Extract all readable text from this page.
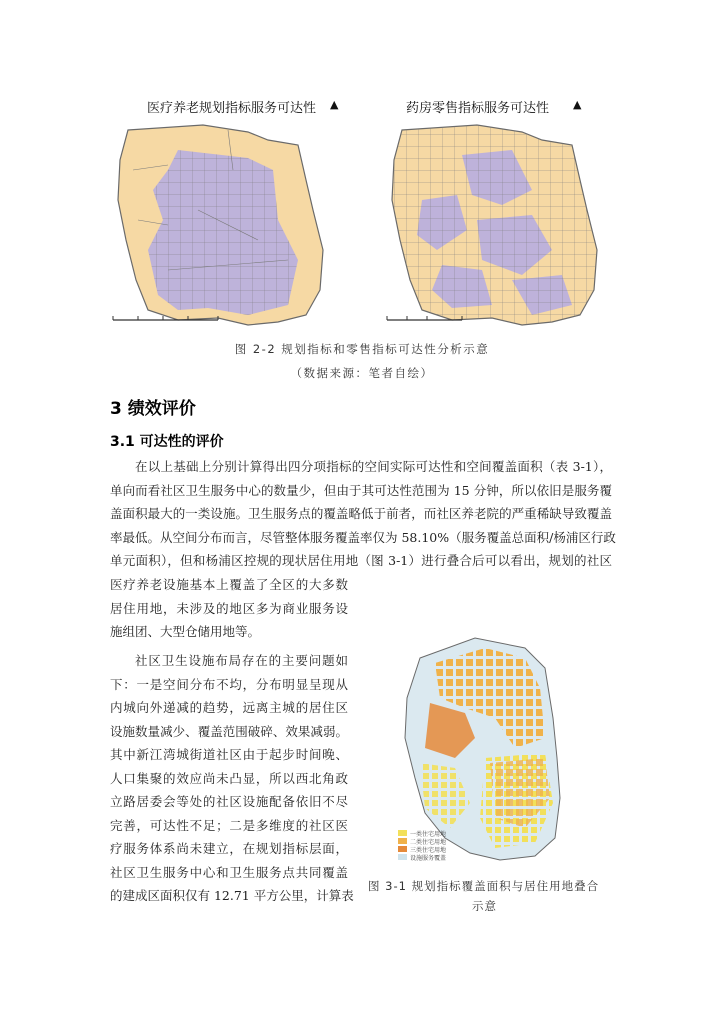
医疗养老规划指标服务可达性 ▲	药房零售指标服务可达性 ▲
图 2-2 规划指标和零售指标可达性分析示意
（数据来源：笔者自绘）
3 绩效评价
3.1 可达性的评价
在以上基础上分别计算得出四分项指标的空间实际可达性和空间覆盖面积（表 3-1），
单向而看社区卫生服务中心的数量少，但由于其可达性范围为 15 分钟，所以依旧是服务覆
盖面积最大的一类设施。卫生服务点的覆盖略低于前者，而社区养老院的严重稀缺导致覆盖
率最低。从空间分布而言，尽管整体服务覆盖率仅为 58.10%（服务覆盖总面积/杨浦区行政
单元面积），但和杨浦区控规的现状居住用地（图 3-1）进行叠合后可以看出，规划的社区
医疗养老设施基本上覆盖了全区的大多数
居住用地，未涉及的地区多为商业服务设
施组团、大型仓储用地等。
社区卫生设施布局存在的主要问题如
下：一是空间分布不均，分布明显呈现从
内城向外递减的趋势，远离主城的居住区
设施数量减少、覆盖范围破碎、效果减弱。
其中新江湾城街道社区由于起步时间晚、
人口集聚的效应尚未凸显，所以西北角政
立路居委会等处的社区设施配备依旧不尽
完善，可达性不足；二是多维度的社区医
疗服务体系尚未建立，在规划指标层面，
社区卫生服务中心和卫生服务点共同覆盖
的建成区面积仅有 12.71 平方公里，计算表
一类住宅用地
二类住宅用地
三类住宅用地
设施服务覆盖
图 3-1 规划指标覆盖面积与居住用地叠合
示意
